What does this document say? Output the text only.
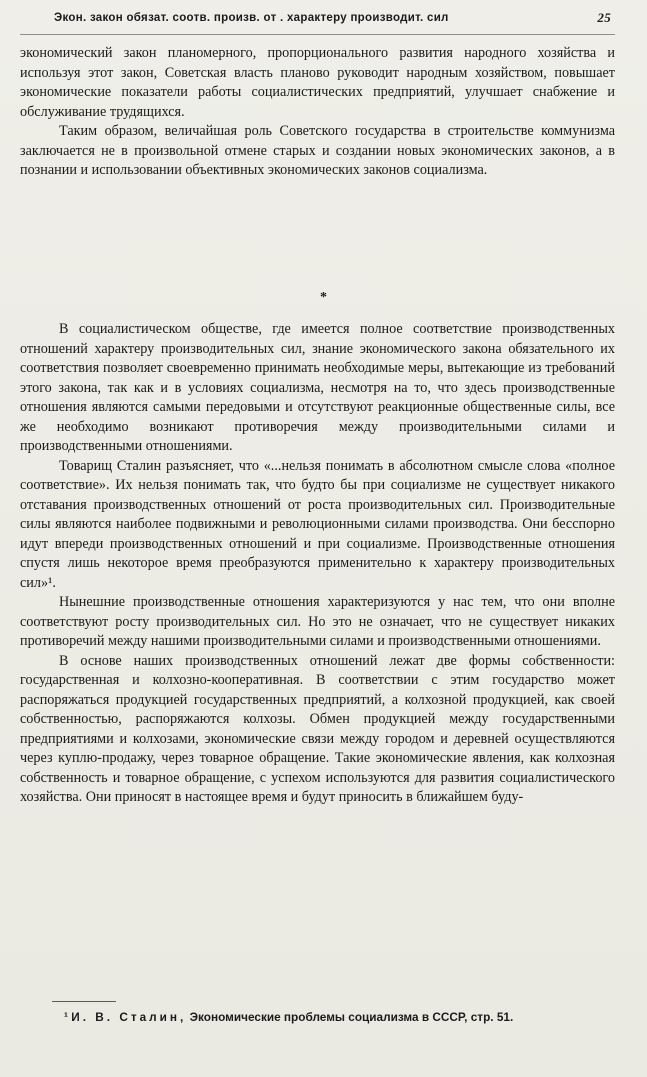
Экон. закон обязат. соотв. произв. от . характеру производит. сил	25

экономический закон планомерного, пропорционального развития народного хозяйства и используя этот закон, Советская власть планово руководит народным хозяйством, повышает экономические показатели работы социалистических предприятий, улучшает снабжение и обслуживание трудящихся.

Таким образом, величайшая роль Советского государства в строительстве коммунизма заключается не в произвольной отмене старых и создании новых экономических законов, а в познании и использовании объективных экономических законов социализма.

*

В социалистическом обществе, где имеется полное соответствие производственных отношений характеру производительных сил, знание экономического закона обязательного их соответствия позволяет своевременно принимать необходимые меры, вытекающие из требований этого закона, так как и в условиях социализма, несмотря на то, что здесь производственные отношения являются самыми передовыми и отсутствуют реакционные общественные силы, все же необходимо возникают противоречия между производительными силами и производственными отношениями.

Товарищ Сталин разъясняет, что «...нельзя понимать в абсолютном смысле слова «полное соответствие». Их нельзя понимать так, что будто бы при социализме не существует никакого отставания производственных отношений от роста производительных сил. Производительные силы являются наиболее подвижными и революционными силами производства. Они бесспорно идут впереди производственных отношений и при социализме. Производственные отношения спустя лишь некоторое время преобразуются применительно к характеру производительных сил»¹.

Нынешние производственные отношения характеризуются у нас тем, что они вполне соответствуют росту производительных сил. Но это не означает, что не существует никаких противоречий между нашими производительными силами и производственными отношениями.

В основе наших производственных отношений лежат две формы собственности: государственная и колхозно-кооперативная. В соответствии с этим государство может распоряжаться продукцией государственных предприятий, а колхозной продукцией, как своей собственностью, распоряжаются колхозы. Обмен продукцией между государственными предприятиями и колхозами, экономические связи между городом и деревней осуществляются через куплю-продажу, через товарное обращение. Такие экономические явления, как колхозная собственность и товарное обращение, с успехом используются для развития социалистического хозяйства. Они приносят в настоящее время и будут приносить в ближайшем буду-

¹ И. В. Сталин, Экономические проблемы социализма в СССР, стр. 51.
